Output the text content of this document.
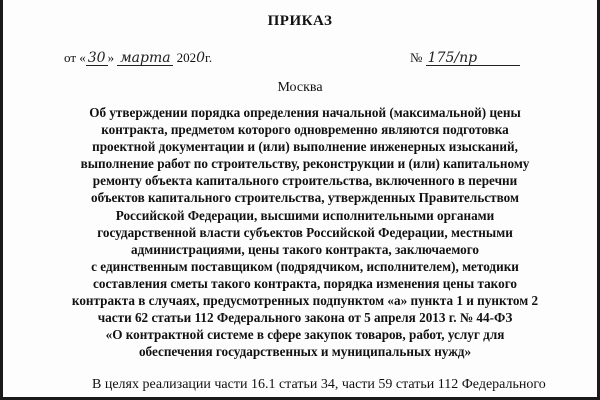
ПРИКАЗ
от « 30 » марта 2020г.	№ 175/пр
Москва
Об утверждении порядка определения начальной (максимальной) цены
контракта, предметом которого одновременно являются подготовка
проектной документации и (или) выполнение инженерных изысканий,
выполнение работ по строительству, реконструкции и (или) капитальному
ремонту объекта капитального строительства, включенного в перечни
объектов капитального строительства, утвержденных Правительством
Российской Федерации, высшими исполнительными органами
государственной власти субъектов Российской Федерации, местными
администрациями, цены такого контракта, заключаемого
с единственным поставщиком (подрядчиком, исполнителем), методики
составления сметы такого контракта, порядка изменения цены такого
контракта в случаях, предусмотренных подпунктом «а» пункта 1 и пунктом 2
части 62 статьи 112 Федерального закона от 5 апреля 2013 г. № 44-ФЗ
«О контрактной системе в сфере закупок товаров, работ, услуг для
обеспечения государственных и муниципальных нужд»
В целях реализации части 16.1 статьи 34, части 59 статьи 112 Федерального
